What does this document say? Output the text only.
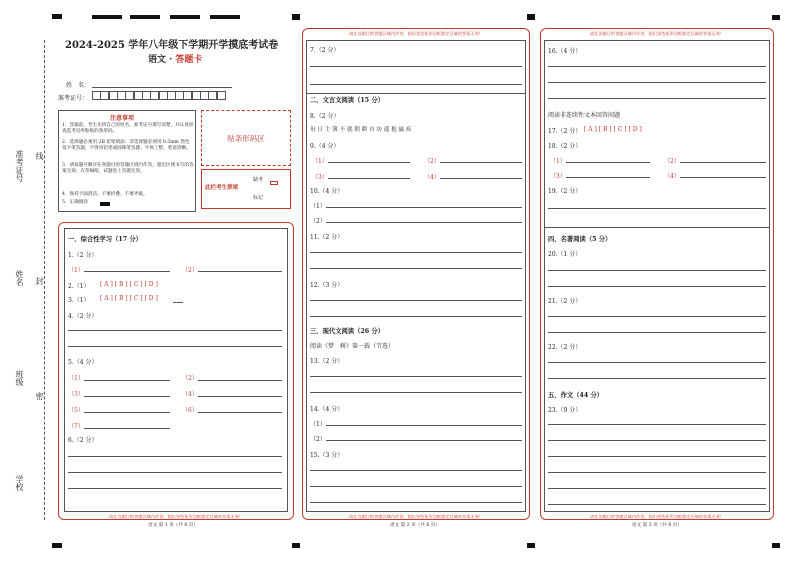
准考证号 线
姓名 封
班级
密
学校
2024-2025 学年八年级下学期开学摸底考试卷
语文 · 答题卡
姓　名：
准考证号：
注意事项
1．答题前，考生先将自己的姓名，准考证号填写清楚，并认真检查监考员所粘贴的条形码。
2．选择题必须用 2B 铅笔填涂；非选择题必须用 0.5mm 黑色签字笔答题，不得用铅笔或圆珠笔答题；字体工整、笔迹清晰。
3．请按题号顺序在各题目的答题区域内作答，超出区域书写的答案无效；在草稿纸、试题卷上答题无效。
4．保持卡面清洁，不要折叠、不要弄破。
5．正确填涂
贴条形码区
此栏考生禁填
缺考
标记
一、综合性学习（17 分）
1.（2 分）
（1）	（2）
2.（1） [ A ] [ B ] [ C ] [ D ]
3.（1） [ A ] [ B ] [ C ] [ D ]
4.（2 分）
5.（4 分）
（1）	（2）
（3）	（4）
（5）	（6）
（7）
6.（2 分）
请在各题目的答题区域内作答，超出黑色矩形边框限定区域的答案无效！
语文 第 1 页（共 6 页）
请在各题目的答题区域内作答，超出黑色矩形边框限定区域的答案无效！
7.（2 分）
二、文言文阅读（15 分）
8.（2 分）
卅 日 主 簿 不 就 朝 耕 自 坊 遥 抱 羸 疾
9.（4 分）
（1）	（2）
（3）	（4）
10.（4 分）
（1）
（2）
11.（2 分）
12.（3 分）
三、现代文阅读（26 分）
阅读《梦　树》第一载（节选）
13.（2 分）
14.（4 分）
（1）
（2）
15.（3 分）
请在各题目的答题区域内作答，超出黑色矩形边框限定区域的答案无效！
语文 第 2 页（共 6 页）
请在各题目的答题区域内作答，超出黑色矩形边框限定区域的答案无效！
16.（4 分）
阅读非连续性文本回答问题
17.（2 分） [ A ] [ B ] [ C ] [ D ]
18.（2 分）
（1）	（2）
（3）	（4）
19.（2 分）
四、名著阅读（5 分）
20.（1 分）
21.（2 分）
22.（2 分）
五、作文（44 分）
23.（9 分）
请在各题目的答题区域内作答，超出黑色矩形边框限定区域的答案无效！
语文 第 3 页（共 6 页）
